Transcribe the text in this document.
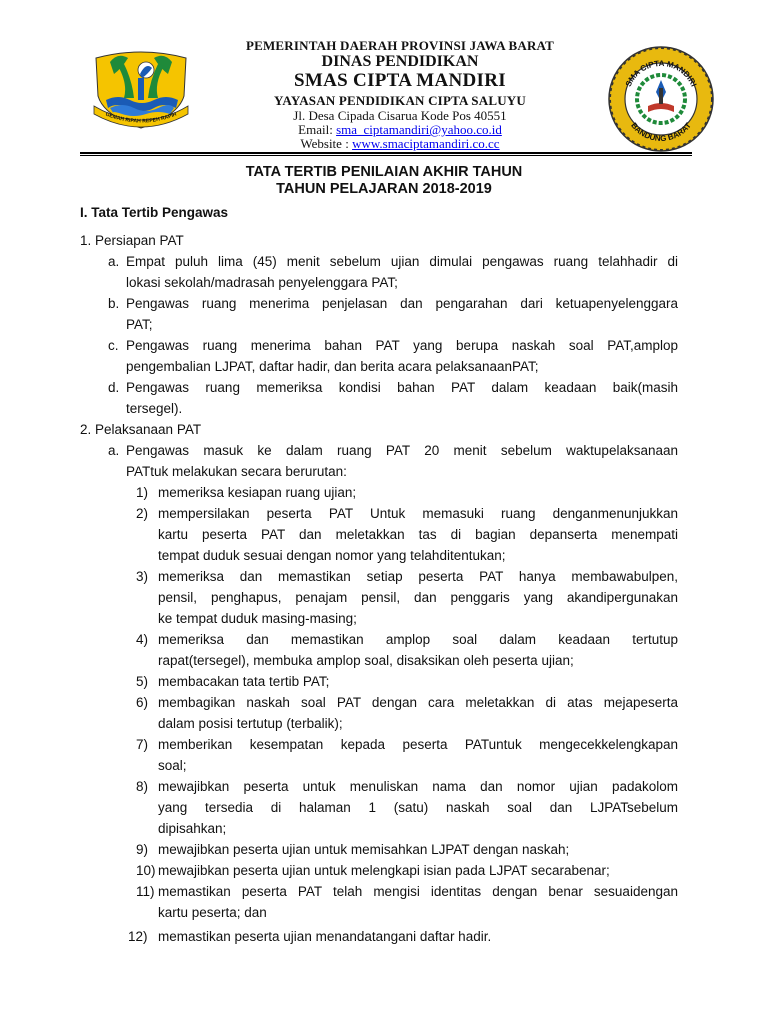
GEMAH RIPAH REPEH RAPIH
PEMERINTAH DAERAH PROVINSI JAWA BARAT
DINAS PENDIDIKAN
SMAS CIPTA MANDIRI
YAYASAN PENDIDIKAN CIPTA SALUYU
Jl. Desa Cipada Cisarua Kode Pos 40551
Email: sma_ciptamandiri@yahoo.co.id
Website : www.smaciptamandiri.co.cc
SMA CIPTA MANDIRI
BANDUNG BARAT
TATA TERTIB PENILAIAN AKHIR TAHUN
TAHUN PELAJARAN 2018-2019
I. Tata Tertib Pengawas
1. Persiapan PAT
a. Empat puluh lima (45) menit sebelum ujian dimulai pengawas ruang telahhadir di
lokasi sekolah/madrasah penyelenggara PAT;
b. Pengawas ruang menerima penjelasan dan pengarahan dari ketuapenyelenggara
PAT;
c. Pengawas ruang menerima bahan PAT yang berupa naskah soal PAT,amplop
pengembalian LJPAT, daftar hadir, dan berita acara pelaksanaanPAT;
d. Pengawas ruang memeriksa kondisi bahan PAT dalam keadaan baik(masih
tersegel).
2. Pelaksanaan PAT
a. Pengawas masuk ke dalam ruang PAT 20 menit sebelum waktupelaksanaan
PATtuk melakukan secara berurutan:
1) memeriksa kesiapan ruang ujian;
2) mempersilakan peserta PAT Untuk memasuki ruang denganmenunjukkan
kartu peserta PAT dan meletakkan tas di bagian depanserta menempati
tempat duduk sesuai dengan nomor yang telahditentukan;
3) memeriksa dan memastikan setiap peserta PAT hanya membawabulpen,
pensil, penghapus, penajam pensil, dan penggaris yang akandipergunakan
ke tempat duduk masing-masing;
4) memeriksa dan memastikan amplop soal dalam keadaan tertutup
rapat(tersegel), membuka amplop soal, disaksikan oleh peserta ujian;
5) membacakan tata tertib PAT;
6) membagikan naskah soal PAT dengan cara meletakkan di atas mejapeserta
dalam posisi tertutup (terbalik);
7) memberikan kesempatan kepada peserta PATuntuk mengecekkelengkapan
soal;
8) mewajibkan peserta untuk menuliskan nama dan nomor ujian padakolom
yang tersedia di halaman 1 (satu) naskah soal dan LJPATsebelum
dipisahkan;
9) mewajibkan peserta ujian untuk memisahkan LJPAT dengan naskah;
10) mewajibkan peserta ujian untuk melengkapi isian pada LJPAT secarabenar;
11) memastikan peserta PAT telah mengisi identitas dengan benar sesuaidengan
kartu peserta; dan
12) memastikan peserta ujian menandatangani daftar hadir.
